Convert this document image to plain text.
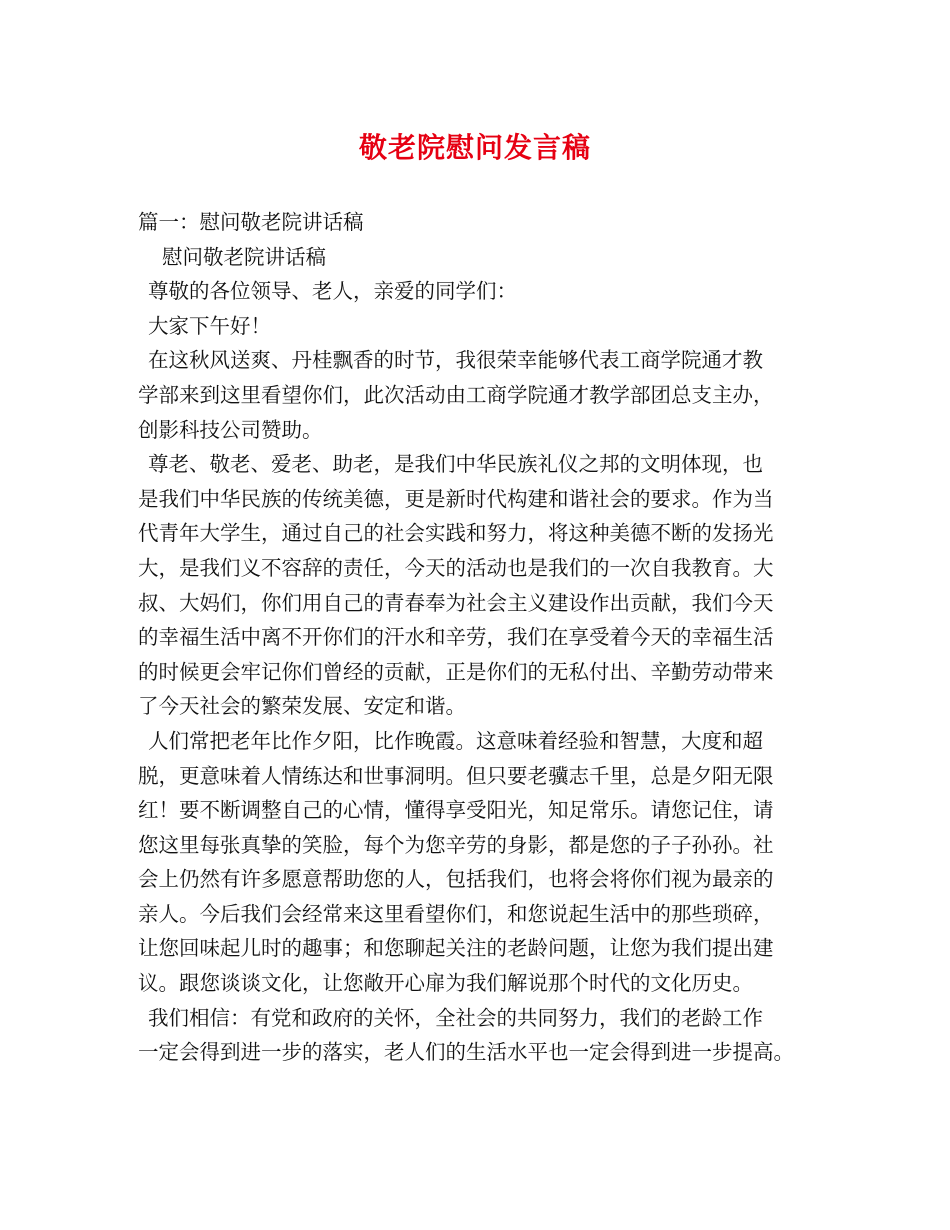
敬老院慰问发言稿
篇一：慰问敬老院讲话稿
慰问敬老院讲话稿
尊敬的各位领导、老人，亲爱的同学们：
大家下午好！
在这秋风送爽、丹桂飘香的时节，我很荣幸能够代表工商学院通才教
学部来到这里看望你们，此次活动由工商学院通才教学部团总支主办，
创影科技公司赞助。
尊老、敬老、爱老、助老，是我们中华民族礼仪之邦的文明体现，也
是我们中华民族的传统美德，更是新时代构建和谐社会的要求。作为当
代青年大学生，通过自己的社会实践和努力，将这种美德不断的发扬光
大，是我们义不容辞的责任，今天的活动也是我们的一次自我教育。大
叔、大妈们，你们用自己的青春奉为社会主义建设作出贡献，我们今天
的幸福生活中离不开你们的汗水和辛劳，我们在享受着今天的幸福生活
的时候更会牢记你们曾经的贡献，正是你们的无私付出、辛勤劳动带来
了今天社会的繁荣发展、安定和谐。
人们常把老年比作夕阳，比作晚霞。这意味着经验和智慧，大度和超
脱，更意味着人情练达和世事洞明。但只要老骥志千里，总是夕阳无限
红！要不断调整自己的心情，懂得享受阳光，知足常乐。请您记住，请
您这里每张真挚的笑脸，每个为您辛劳的身影，都是您的子子孙孙。社
会上仍然有许多愿意帮助您的人，包括我们，也将会将你们视为最亲的
亲人。今后我们会经常来这里看望你们，和您说起生活中的那些琐碎，
让您回味起儿时的趣事；和您聊起关注的老龄问题，让您为我们提出建
议。跟您谈谈文化，让您敞开心扉为我们解说那个时代的文化历史。
我们相信：有党和政府的关怀，全社会的共同努力，我们的老龄工作
一定会得到进一步的落实，老人们的生活水平也一定会得到进一步提高。
